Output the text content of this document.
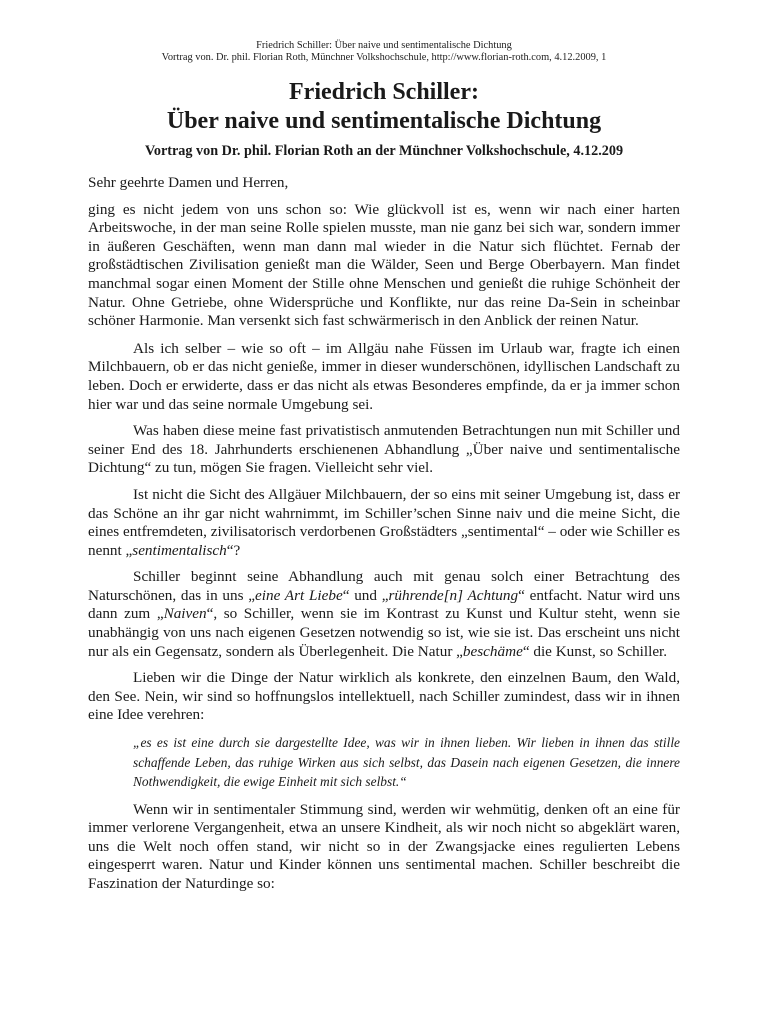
Friedrich Schiller: Über naive und sentimentalische Dichtung
Vortrag von. Dr. phil. Florian Roth, Münchner Volkshochschule, http://www.florian-roth.com, 4.12.2009, 1
Friedrich Schiller:
Über naive und sentimentalische Dichtung
Vortrag von Dr. phil. Florian Roth an der Münchner Volkshochschule, 4.12.209

Sehr geehrte Damen und Herren,

ging es nicht jedem von uns schon so: Wie glückvoll ist es, wenn wir nach einer harten Arbeitswoche, in der man seine Rolle spielen musste, man nie ganz bei sich war, sondern immer in äußeren Geschäften, wenn man dann mal wieder in die Natur sich flüchtet. Fernab der großstädtischen Zivilisation genießt man die Wälder, Seen und Berge Oberbayern. Man findet manchmal sogar einen Moment der Stille ohne Menschen und genießt die ruhige Schönheit der Natur. Ohne Getriebe, ohne Widersprüche und Konflikte, nur das reine Da-Sein in scheinbar schöner Harmonie. Man versenkt sich fast schwärmerisch in den Anblick der reinen Natur.

Als ich selber – wie so oft – im Allgäu nahe Füssen im Urlaub war, fragte ich einen Milchbauern, ob er das nicht genieße, immer in dieser wunderschönen, idyllischen Landschaft zu leben. Doch er erwiderte, dass er das nicht als etwas Besonderes empfinde, da er ja immer schon hier war und das seine normale Umgebung sei.

Was haben diese meine fast privatistisch anmutenden Betrachtungen nun mit Schiller und seiner End des 18. Jahrhunderts erschienenen Abhandlung „Über naive und sentimentalische Dichtung“ zu tun, mögen Sie fragen. Vielleicht sehr viel.

Ist nicht die Sicht des Allgäuer Milchbauern, der so eins mit seiner Umgebung ist, dass er das Schöne an ihr gar nicht wahrnimmt, im Schiller’schen Sinne naiv und die meine Sicht, die eines entfremdeten, zivilisatorisch verdorbenen Großstädters „sentimental“ – oder wie Schiller es nennt „sentimentalisch“?

Schiller beginnt seine Abhandlung auch mit genau solch einer Betrachtung des Naturschönen, das in uns „eine Art Liebe“ und „rührende[n] Achtung“ entfacht. Natur wird uns dann zum „Naiven“, so Schiller, wenn sie im Kontrast zu Kunst und Kultur steht, wenn sie unabhängig von uns nach eigenen Gesetzen notwendig so ist, wie sie ist. Das erscheint uns nicht nur als ein Gegensatz, sondern als Überlegenheit. Die Natur „beschäme“ die Kunst, so Schiller.

Lieben wir die Dinge der Natur wirklich als konkrete, den einzelnen Baum, den Wald, den See. Nein, wir sind so hoffnungslos intellektuell, nach Schiller zumindest, dass wir in ihnen eine Idee verehren:

„es es ist eine durch sie dargestellte Idee, was wir in ihnen lieben. Wir lieben in ihnen das stille schaffende Leben, das ruhige Wirken aus sich selbst, das Dasein nach eigenen Gesetzen, die innere Nothwendigkeit, die ewige Einheit mit sich selbst.“

Wenn wir in sentimentaler Stimmung sind, werden wir wehmütig, denken oft an eine für immer verlorene Vergangenheit, etwa an unsere Kindheit, als wir noch nicht so abgeklärt waren, uns die Welt noch offen stand, wir nicht so in der Zwangsjacke eines regulierten Lebens eingesperrt waren. Natur und Kinder können uns sentimental machen. Schiller beschreibt die Faszination der Naturdinge so:
